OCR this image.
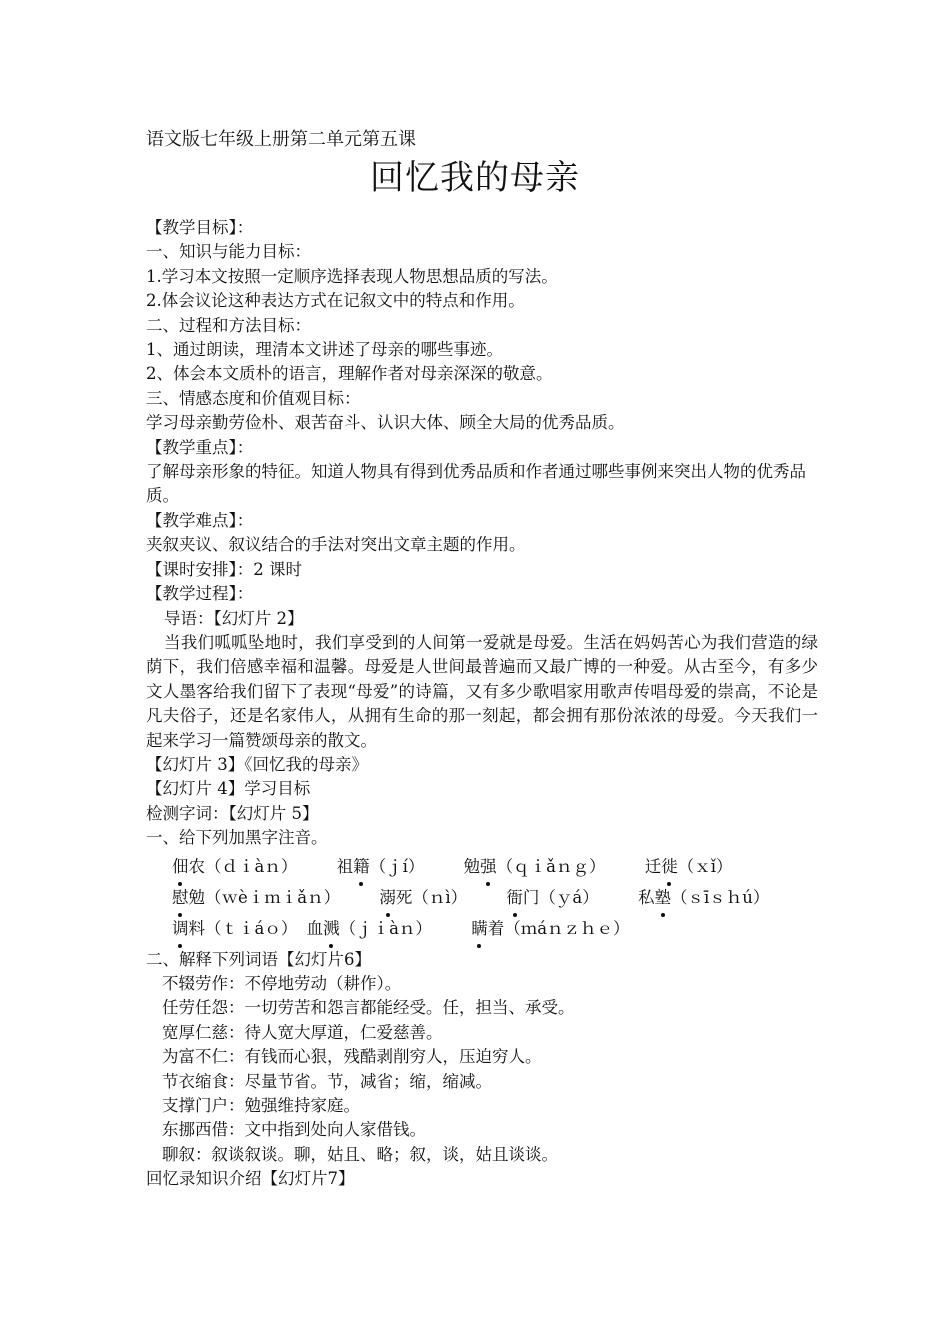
语文版七年级上册第二单元第五课
回忆我的母亲
【教学目标】：
一、知识与能力目标：
1.学习本文按照一定顺序选择表现人物思想品质的写法。
2.体会议论这种表达方式在记叙文中的特点和作用。
二、过程和方法目标：
1、通过朗读，理清本文讲述了母亲的哪些事迹。
2、体会本文质朴的语言，理解作者对母亲深深的敬意。
三、情感态度和价值观目标：
学习母亲勤劳俭朴、艰苦奋斗、认识大体、顾全大局的优秀品质。
【教学重点】：
了解母亲形象的特征。知道人物具有得到优秀品质和作者通过哪些事例来突出人物的优秀品质。
【教学难点】：
夹叙夹议、叙议结合的手法对突出文章主题的作用。
【课时安排】：2 课时
【教学过程】：
导语：【幻灯片 2】
当我们呱呱坠地时，我们享受到的人间第一爱就是母爱。生活在妈妈苦心为我们营造的绿荫下，我们倍感幸福和温馨。母爱是人世间最普遍而又最广博的一种爱。从古至今，有多少文人墨客给我们留下了表现“母爱”的诗篇，又有多少歌唱家用歌声传唱母爱的崇高，不论是凡夫俗子，还是名家伟人，从拥有生命的那一刻起，都会拥有那份浓浓的母爱。今天我们一起来学习一篇赞颂母亲的散文。
【幻灯片 3】《回忆我的母亲》
【幻灯片 4】学习目标
检测字词：【幻灯片 5】
一、给下列加黑字注音。
佃农（ｄｉàｎ） 祖籍（ｊí） 勉强（ｑｉǎｎｇ） 迁徙（ｘǐ）
慰勉（ｗèｉｍｉǎｎ） 溺死（ｎì） 衙门（ｙá） 私塾（ｓīｓｈú）
调料（ｔｉáｏ） 血溅（ｊｉàｎ） 瞒着（ｍáｎｚｈｅ）
二、解释下列词语【幻灯片6】
不辍劳作：不停地劳动（耕作）。
任劳任怨：一切劳苦和怨言都能经受。任，担当、承受。
宽厚仁慈：待人宽大厚道，仁爱慈善。
为富不仁：有钱而心狠，残酷剥削穷人，压迫穷人。
节衣缩食：尽量节省。节，减省；缩，缩减。
支撑门户：勉强维持家庭。
东挪西借：文中指到处向人家借钱。
聊叙：叙谈叙谈。聊，姑且、略；叙，谈，姑且谈谈。
回忆录知识介绍【幻灯片7】
